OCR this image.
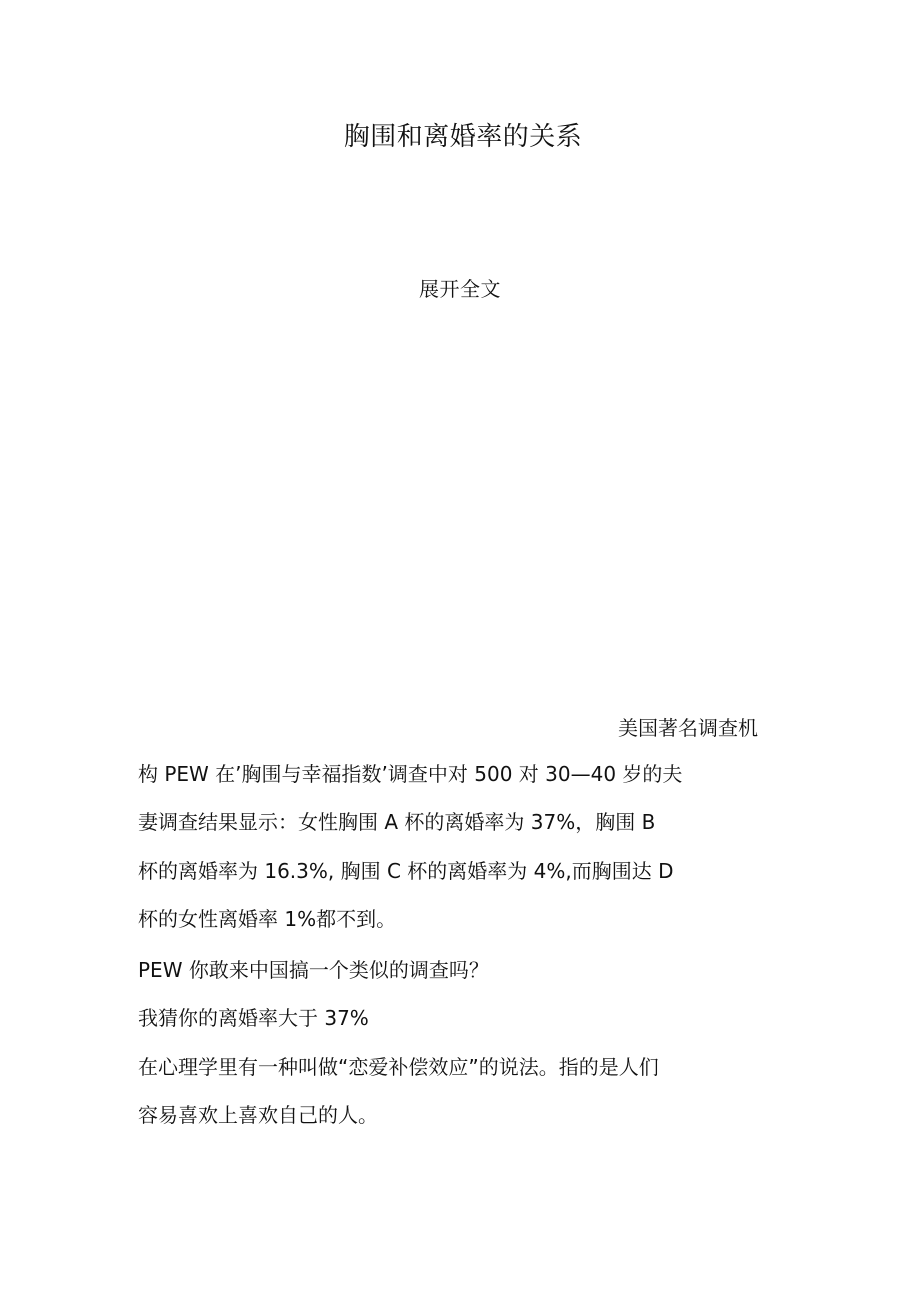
胸围和离婚率的关系
展开全文
美国著名调查机
构 PEW 在’胸围与幸福指数’调查中对 500 对 30—40 岁的夫
妻调查结果显示：女性胸围 A 杯的离婚率为 37%，胸围 B
杯的离婚率为 16.3%, 胸围 C 杯的离婚率为 4%,而胸围达 D
杯的女性离婚率 1%都不到。
PEW 你敢来中国搞一个类似的调查吗？
我猜你的离婚率大于 37%
在心理学里有一种叫做“恋爱补偿效应”的说法。指的是人们
容易喜欢上喜欢自己的人。
